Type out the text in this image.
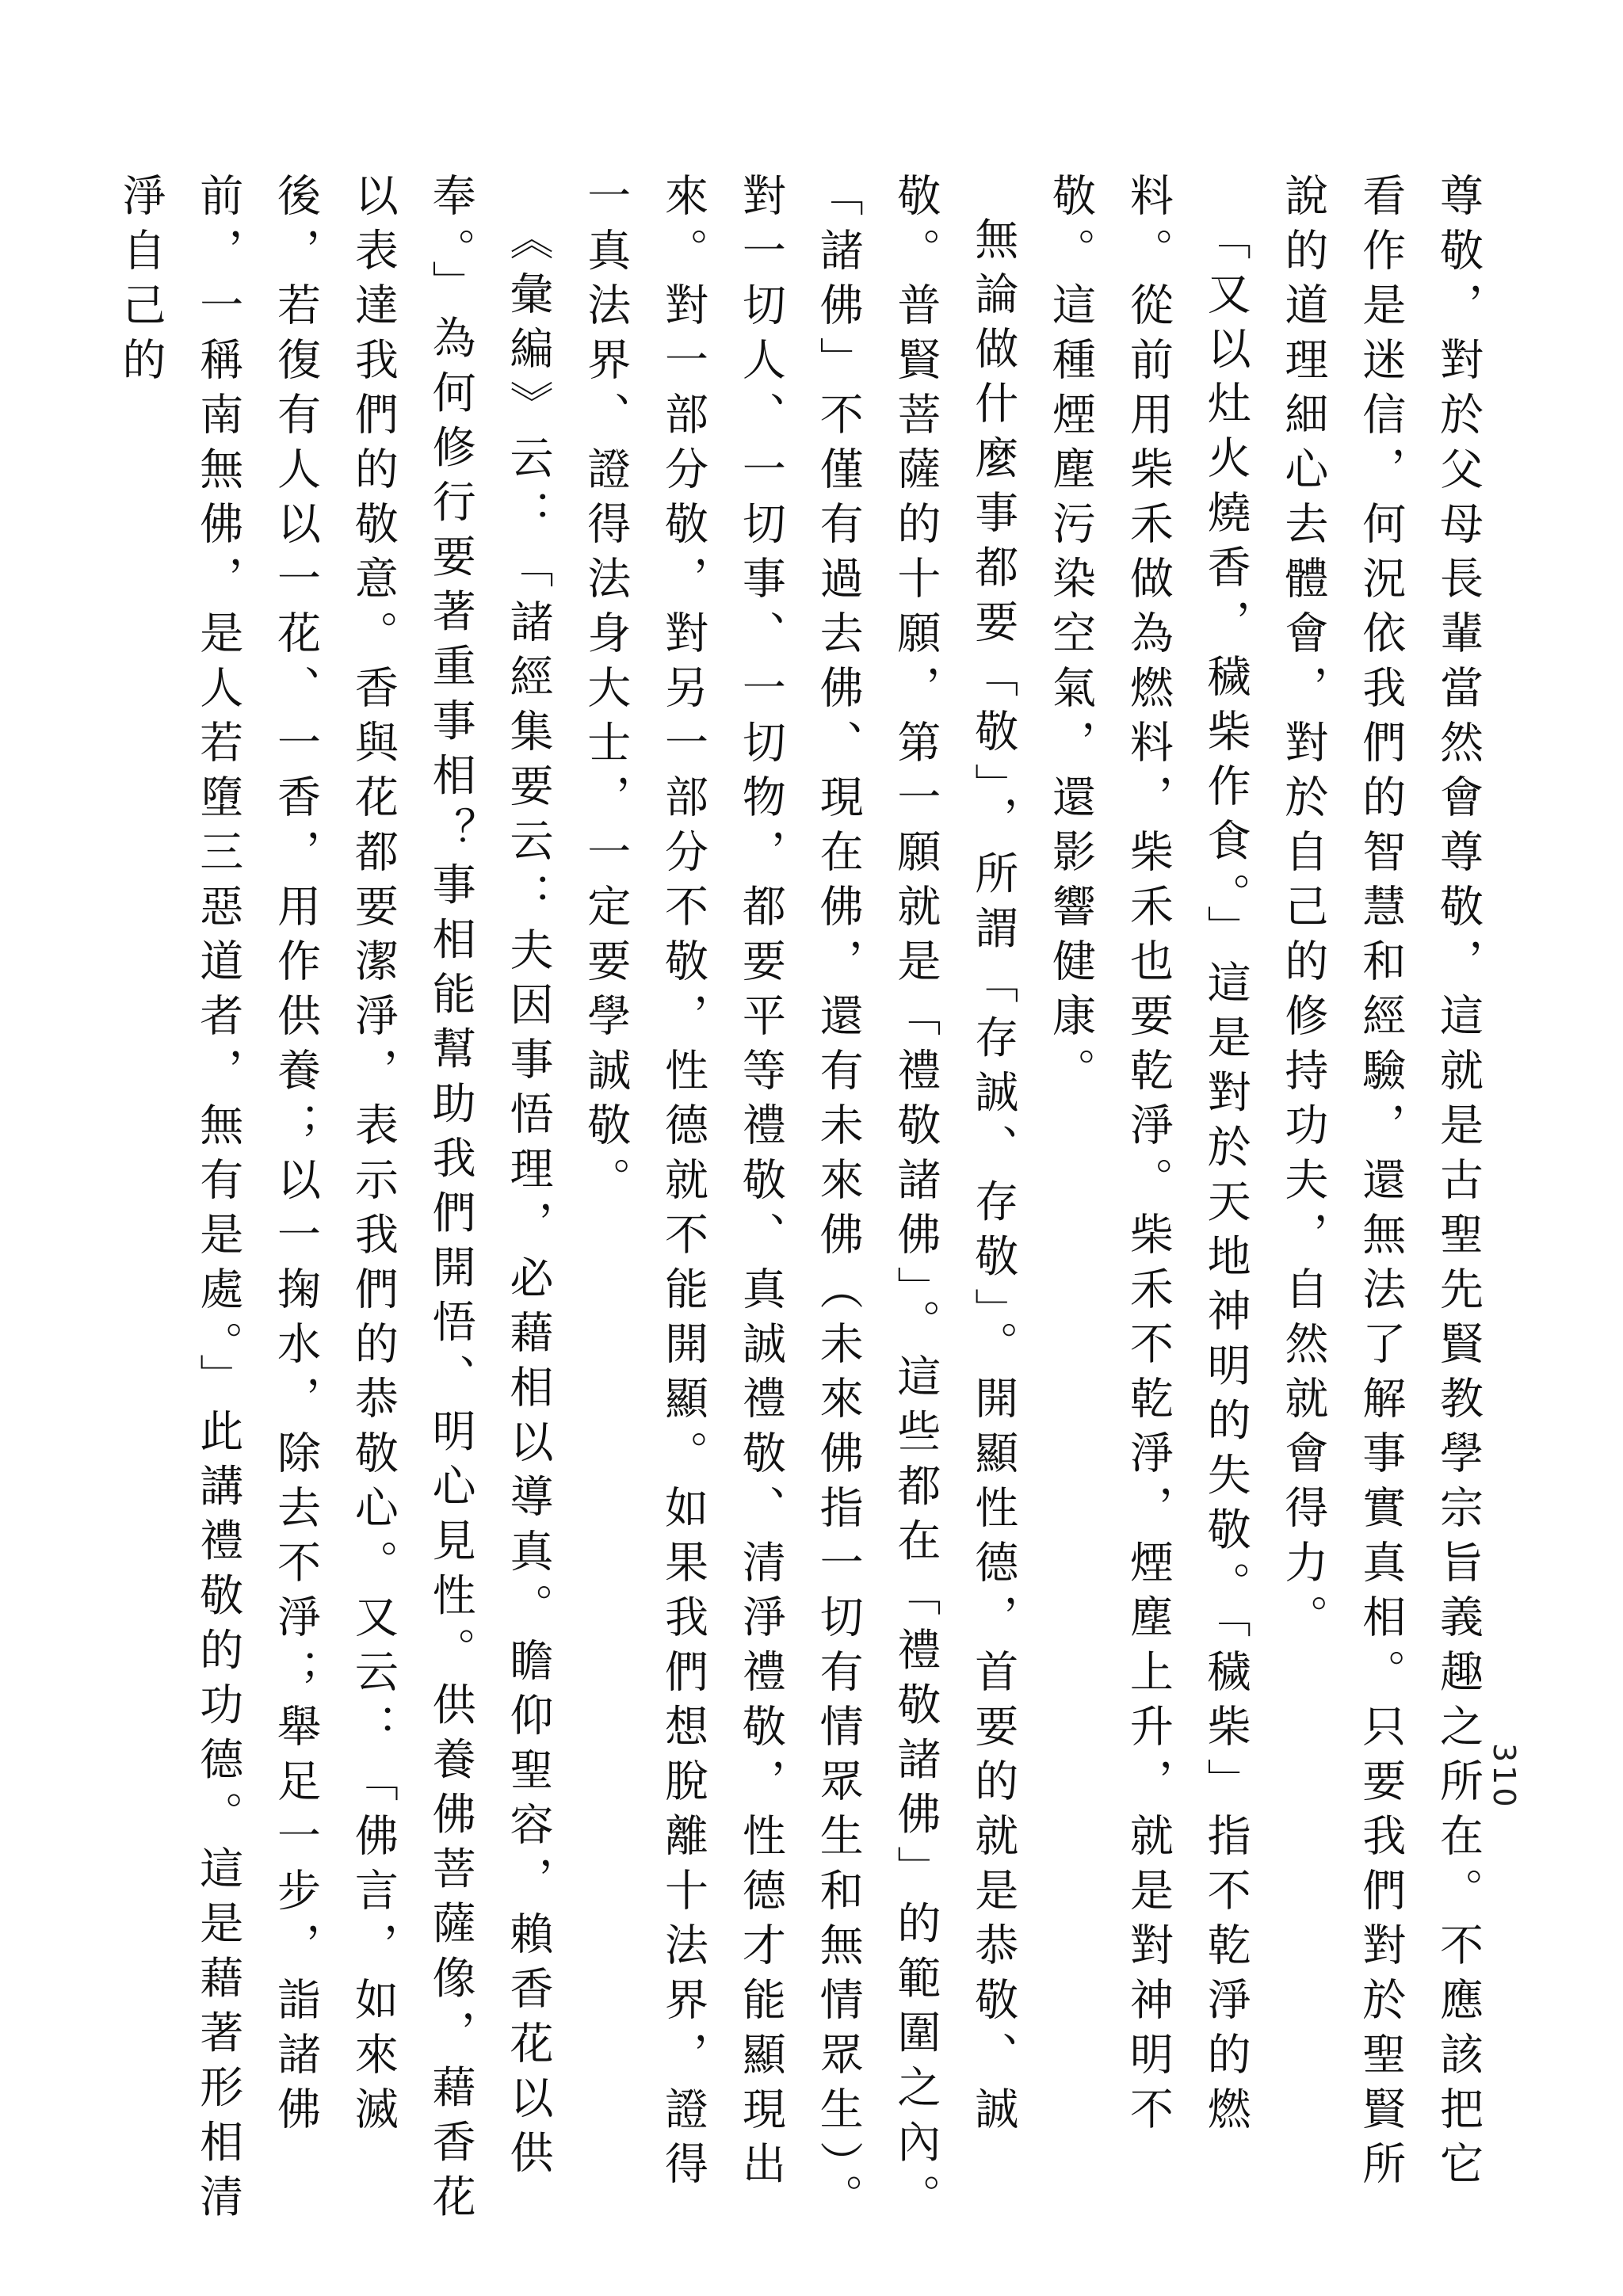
310

尊敬，對於父母長輩當然會尊敬，這就是古聖先賢教學宗旨義趣之所在。不應該把它看作是迷信，何況依我們的智慧和經驗，還無法了解事實真相。只要我們對於聖賢所說的道理細心去體會，對於自己的修持功夫，自然就會得力。

「又以灶火燒香，穢柴作食。」這是對於天地神明的失敬。「穢柴」指不乾淨的燃料。從前用柴禾做為燃料，柴禾也要乾淨。柴禾不乾淨，煙塵上升，就是對神明不敬。這種煙塵污染空氣，還影響健康。

無論做什麼事都要「敬」，所謂「存誠、存敬」。開顯性德，首要的就是恭敬、誠敬。普賢菩薩的十願，第一願就是「禮敬諸佛」。這些都在「禮敬諸佛」的範圍之內。「諸佛」不僅有過去佛、現在佛，還有未來佛（未來佛指一切有情眾生和無情眾生）。對一切人、一切事、一切物，都要平等禮敬、真誠禮敬、清淨禮敬，性德才能顯現出來。對一部分敬，對另一部分不敬，性德就不能開顯。如果我們想脫離十法界，證得一真法界、證得法身大士，一定要學誠敬。

《彙編》云：「諸經集要云：夫因事悟理，必藉相以導真。瞻仰聖容，賴香花以供奉。」為何修行要著重事相？事相能幫助我們開悟、明心見性。供養佛菩薩像，藉香花以表達我們的敬意。香與花都要潔淨，表示我們的恭敬心。又云：「佛言，如來滅後，若復有人以一花、一香，用作供養；以一掬水，除去不淨；舉足一步，詣諸佛前，一稱南無佛，是人若墮三惡道者，無有是處。」此講禮敬的功德。這是藉著形相清淨自己的
